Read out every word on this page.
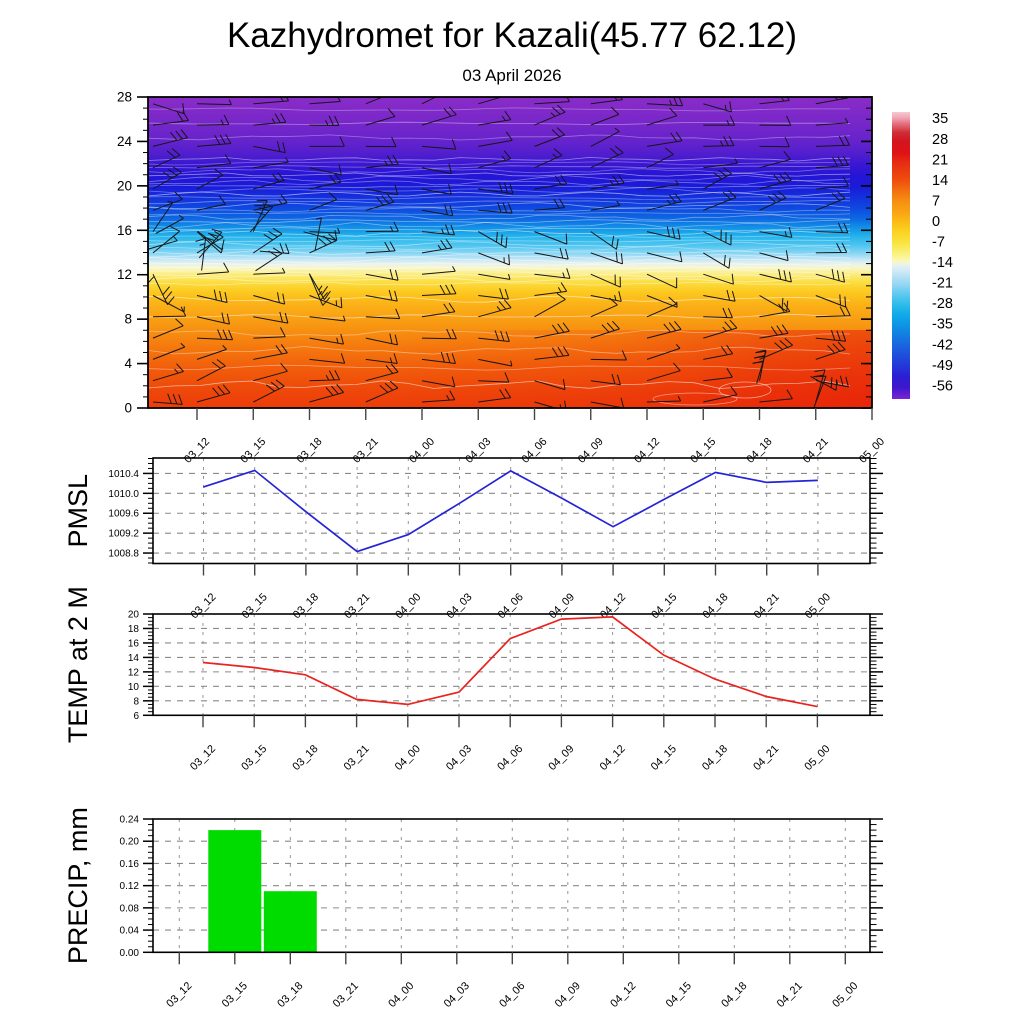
Kazhydromet for Kazali(45.77 62.12)
03 April 2026
0
4
8
12
16
20
24
28
03_12 03_15 03_18 03_21 04_00 04_03 04_06 04_09 04_12 04_15 04_18 04_21 05_00
35
28
21
14
7
0
-7
-14
-21
-28
-35
-42
-49
-56
1008.8
1009.2
1009.6
1010.0
1010.4
03_12 03_15 03_18 03_21 04_00 04_03 04_06 04_09 04_12 04_15 04_18 04_21 05_00
PMSL
6
8
10
12
14
16
18
20
03_12 03_15 03_18 03_21 04_00 04_03 04_06 04_09 04_12 04_15 04_18 04_21 05_00
TEMP at 2 M
0.00
0.04
0.08
0.12
0.16
0.20
0.24
03_12 03_15 03_18 03_21 04_00 04_03 04_06 04_09 04_12 04_15 04_18 04_21 05_00
PRECIP, mm
